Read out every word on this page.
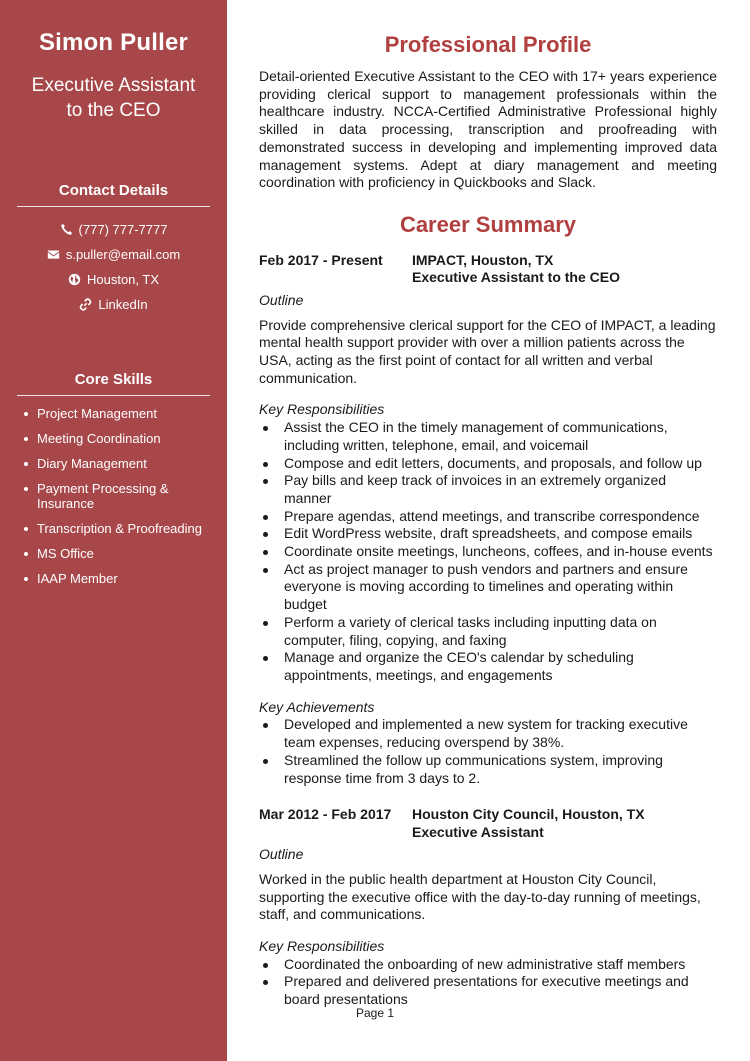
Simon Puller
Executive Assistant
to the CEO
Contact Details
(777) 777-7777
s.puller@email.com
Houston, TX
LinkedIn
Core Skills
Project Management
Meeting Coordination
Diary Management
Payment Processing & Insurance
Transcription & Proofreading
MS Office
IAAP Member
Professional Profile

Detail-oriented Executive Assistant to the CEO with 17+ years experience providing clerical support to management professionals within the healthcare industry. NCCA-Certified Administrative Professional highly skilled in data processing, transcription and proofreading with demonstrated success in developing and implementing improved data management systems. Adept at diary management and meeting coordination with proficiency in Quickbooks and Slack.

Career Summary
Feb 2017 - Present	IMPACT, Houston, TX
Executive Assistant to the CEO
Outline

Provide comprehensive clerical support for the CEO of IMPACT, a leading mental health support provider with over a million patients across the USA, acting as the first point of contact for all written and verbal communication.

Key Responsibilities
Assist the CEO in the timely management of communications, including written, telephone, email, and voicemail
Compose and edit letters, documents, and proposals, and follow up
Pay bills and keep track of invoices in an extremely organized manner
Prepare agendas, attend meetings, and transcribe correspondence
Edit WordPress website, draft spreadsheets, and compose emails
Coordinate onsite meetings, luncheons, coffees, and in-house events
Act as project manager to push vendors and partners and ensure everyone is moving according to timelines and operating within budget
Perform a variety of clerical tasks including inputting data on computer, filing, copying, and faxing
Manage and organize the CEO's calendar by scheduling appointments, meetings, and engagements
Key Achievements
Developed and implemented a new system for tracking executive team expenses, reducing overspend by 38%.
Streamlined the follow up communications system, improving response time from 3 days to 2.
Mar 2012 - Feb 2017	Houston City Council, Houston, TX
Executive Assistant
Outline

Worked in the public health department at Houston City Council, supporting the executive office with the day-to-day running of meetings, staff, and communications.

Key Responsibilities
Coordinated the onboarding of new administrative staff members
Prepared and delivered presentations for executive meetings and board presentations
Page 1
